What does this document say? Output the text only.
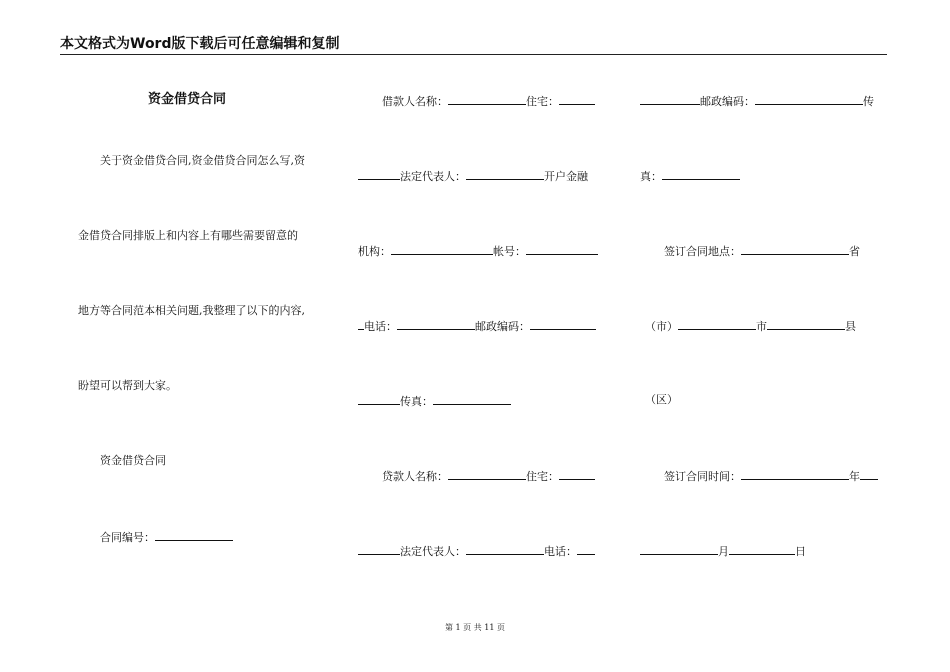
本文格式为Word版下载后可任意编辑和复制
资金借贷合同
关于资金借贷合同,资金借贷合同怎么写,资
金借贷合同排版上和内容上有哪些需要留意的
地方等合同范本相关问题,我整理了以下的内容,
盼望可以帮到大家。
资金借贷合同
合同编号：
借款人名称：	住宅：
法定代表人：	开户金融
机构：	帐号：
电话：	邮政编码：
传真：
贷款人名称：	住宅：
法定代表人：	电话：
邮政编码：	传
真：
签订合同地点：	省
（市）	市	县
（区）
签订合同时间：	年
月	日
第 1 页 共 11 页
